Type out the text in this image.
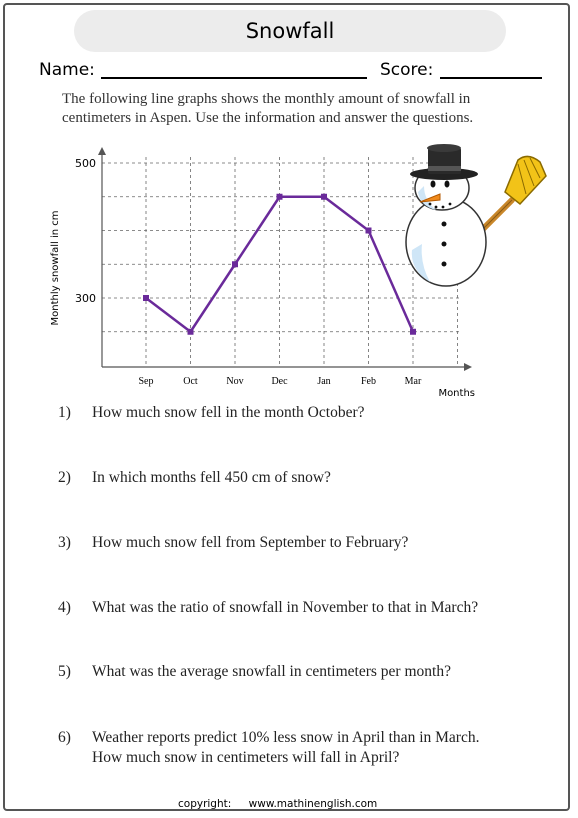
Snowfall
Name:	Score:
The following line graphs shows the monthly amount of snowfall in centimeters in Aspen. Use the information and answer the questions.
500
300
Monthly snowfall in cm
Sep	Oct	Nov	Dec	Jan	Feb	Mar
Months
1)	How much snow fell in the month October?
2)	In which months fell 450 cm of snow?
3)	How much snow fell from September to February?
4)	What was the ratio of snowfall in November to that in March?
5)	What was the average snowfall in centimeters per month?
6)	Weather reports predict 10% less snow in April than in March.
How much snow in centimeters will fall in April?
copyright: www.mathinenglish.com
